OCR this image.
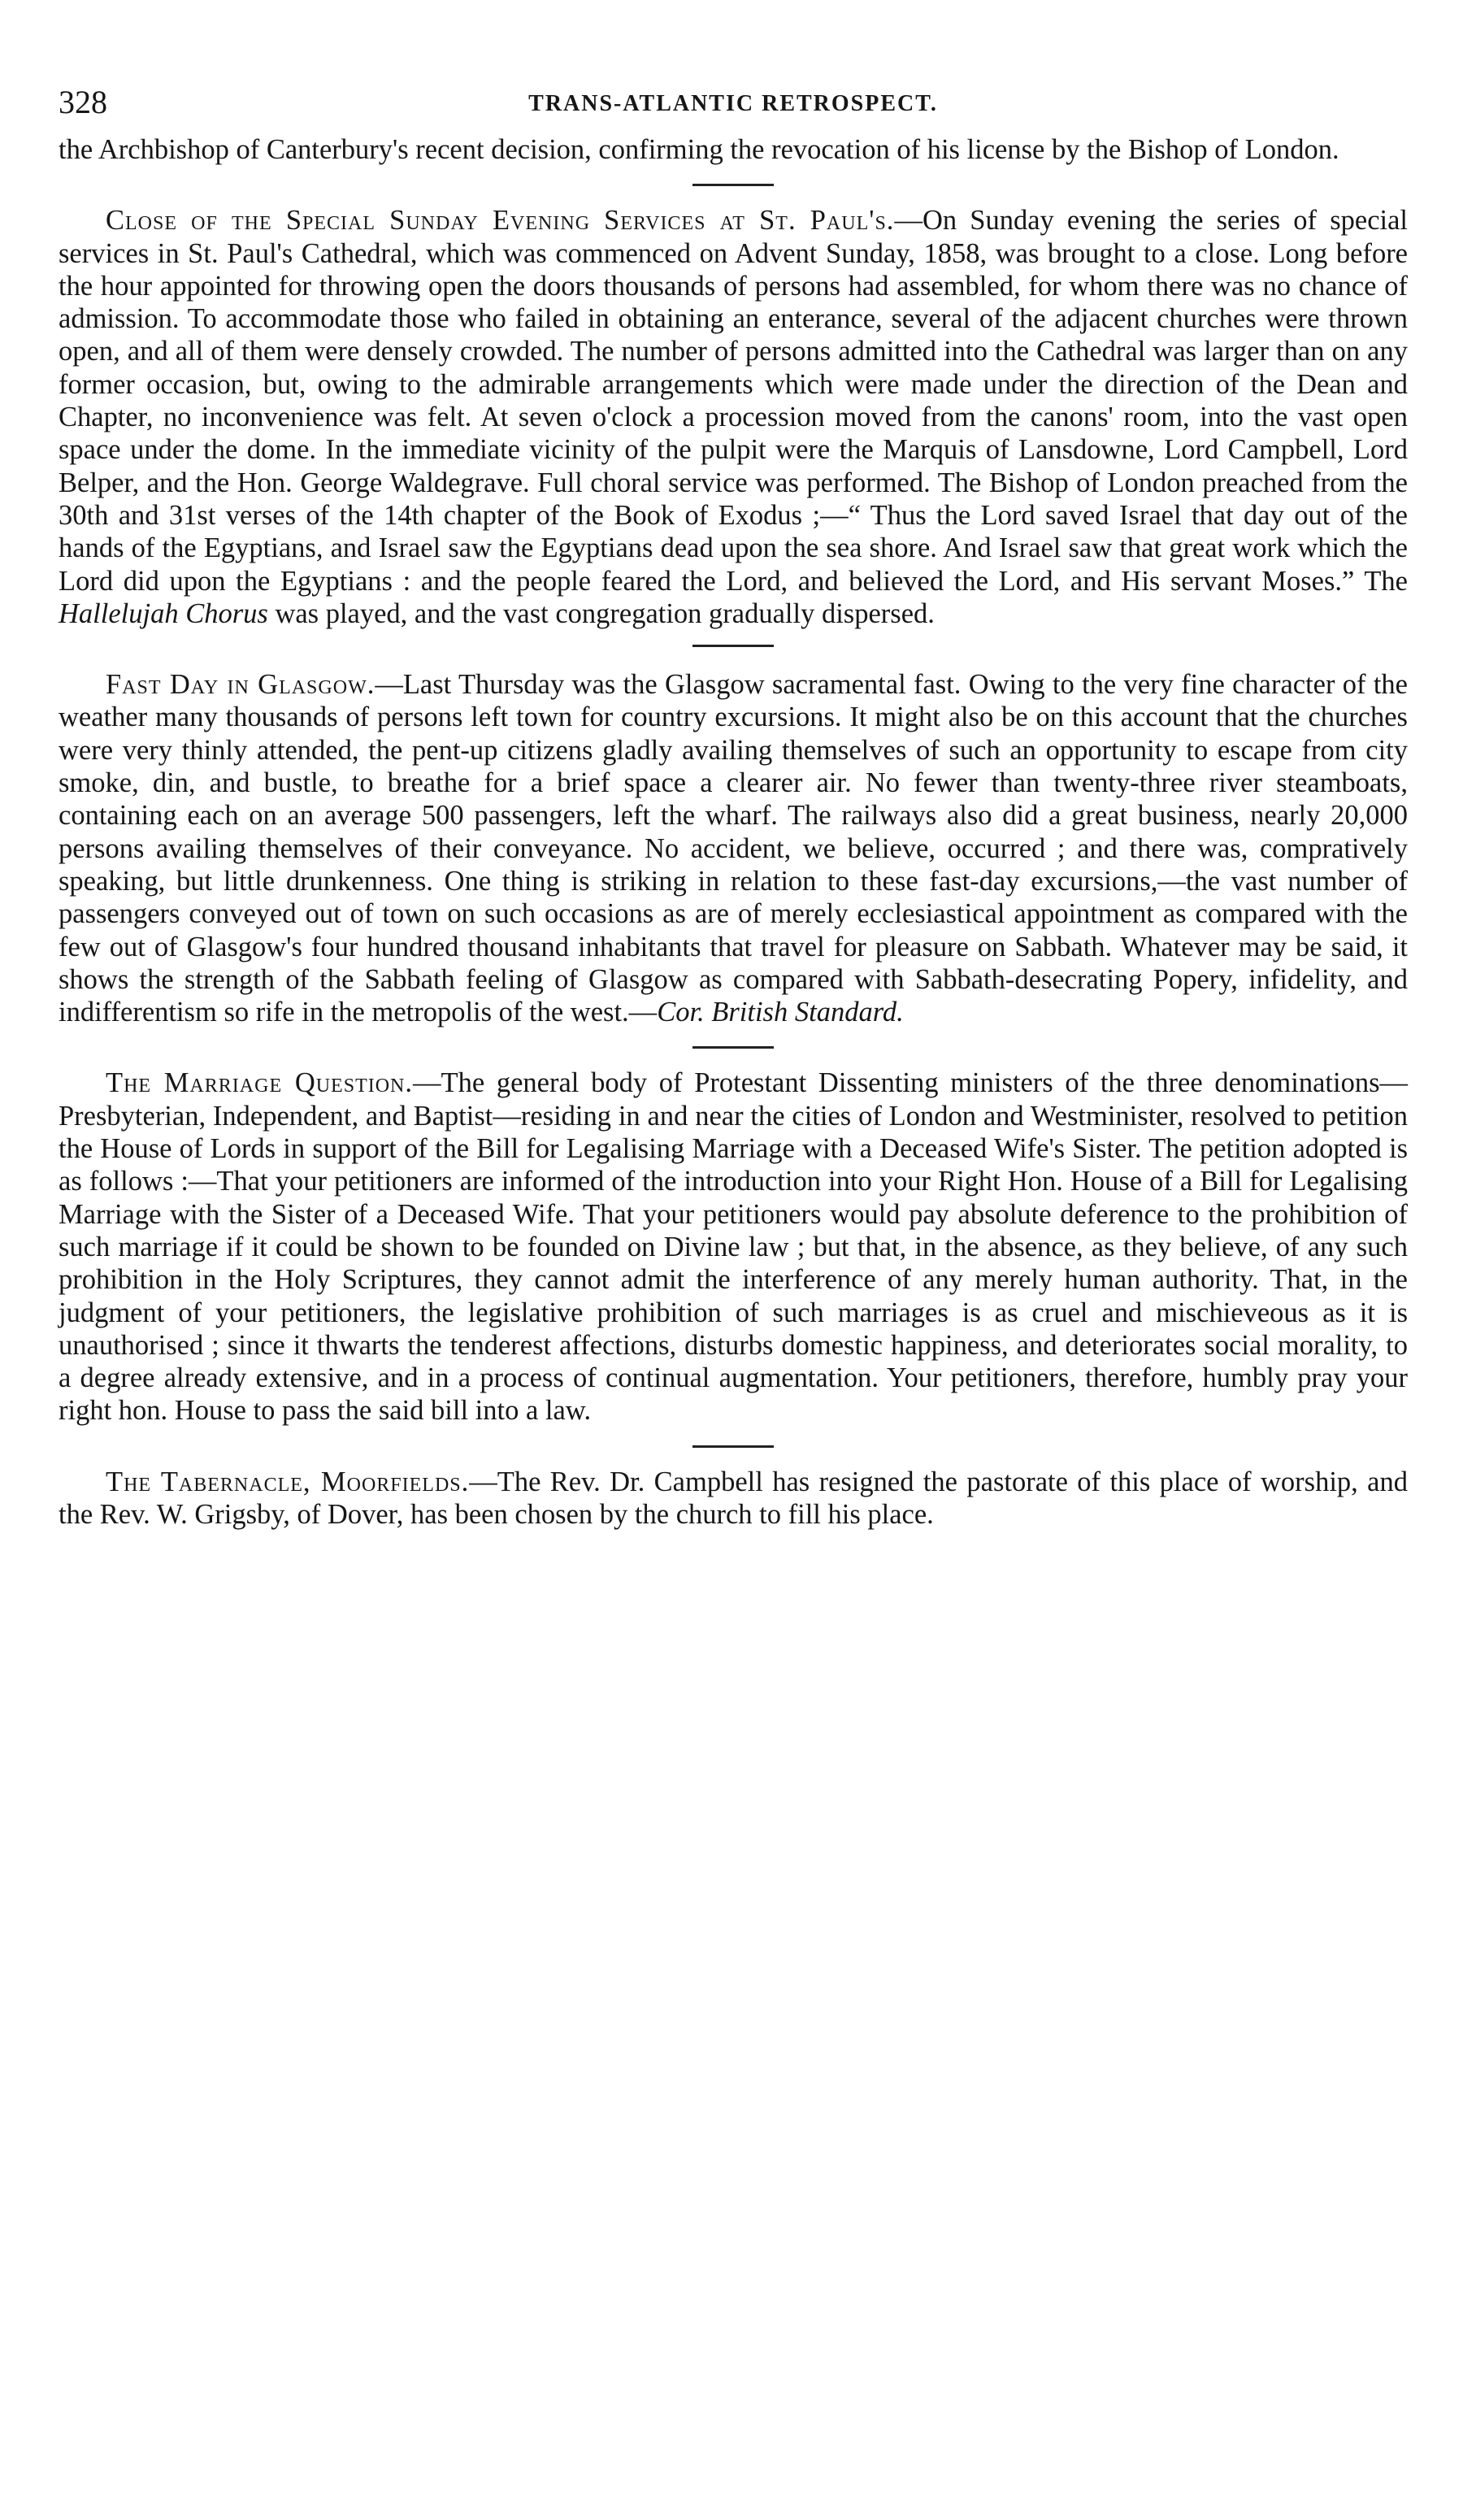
328	TRANS-ATLANTIC RETROSPECT.

the Archbishop of Canterbury's recent decision, confirming the revocation of his license by the Bishop of London.

Close of the Special Sunday Evening Services at St. Paul's.—On Sunday evening the series of special services in St. Paul's Cathedral, which was commenced on Advent Sunday, 1858, was brought to a close. Long before the hour appointed for throwing open the doors thousands of persons had assembled, for whom there was no chance of admission. To accommodate those who failed in obtaining an enterance, several of the adjacent churches were thrown open, and all of them were densely crowded. The number of persons admitted into the Cathedral was larger than on any former occasion, but, owing to the admirable arrangements which were made under the direction of the Dean and Chapter, no inconvenience was felt. At seven o'clock a procession moved from the canons' room, into the vast open space under the dome. In the immediate vicinity of the pulpit were the Marquis of Lansdowne, Lord Campbell, Lord Belper, and the Hon. George Waldegrave. Full choral service was performed. The Bishop of London preached from the 30th and 31st verses of the 14th chapter of the Book of Exodus ;—“ Thus the Lord saved Israel that day out of the hands of the Egyptians, and Israel saw the Egyptians dead upon the sea shore. And Israel saw that great work which the Lord did upon the Egyptians : and the people feared the Lord, and believed the Lord, and His servant Moses.” The Hallelujah Chorus was played, and the vast congregation gradually dispersed.

Fast Day in Glasgow.—Last Thursday was the Glasgow sacramental fast. Owing to the very fine character of the weather many thousands of persons left town for country excursions. It might also be on this account that the churches were very thinly attended, the pent-up citizens gladly availing themselves of such an opportunity to escape from city smoke, din, and bustle, to breathe for a brief space a clearer air. No fewer than twenty-three river steamboats, containing each on an average 500 passengers, left the wharf. The railways also did a great business, nearly 20,000 persons availing themselves of their conveyance. No accident, we believe, occurred ; and there was, compratively speaking, but little drunkenness. One thing is striking in relation to these fast-day excursions,—the vast number of passengers conveyed out of town on such occasions as are of merely ecclesiastical appointment as compared with the few out of Glasgow's four hundred thousand inhabitants that travel for pleasure on Sabbath. Whatever may be said, it shows the strength of the Sabbath feeling of Glasgow as compared with Sabbath-desecrating Popery, infidelity, and indifferentism so rife in the metropolis of the west.—Cor. British Standard.

The Marriage Question.—The general body of Protestant Dissenting ministers of the three denominations—Presbyterian, Independent, and Baptist—residing in and near the cities of London and Westminister, resolved to petition the House of Lords in support of the Bill for Legalising Marriage with a Deceased Wife's Sister. The petition adopted is as follows :—That your petitioners are informed of the introduction into your Right Hon. House of a Bill for Legalising Marriage with the Sister of a Deceased Wife. That your petitioners would pay absolute deference to the prohibition of such marriage if it could be shown to be founded on Divine law ; but that, in the absence, as they believe, of any such prohibition in the Holy Scriptures, they cannot admit the interference of any merely human authority. That, in the judgment of your petitioners, the legislative prohibition of such marriages is as cruel and mischieveous as it is unauthorised ; since it thwarts the tenderest affections, disturbs domestic happiness, and deteriorates social morality, to a degree already extensive, and in a process of continual augmentation. Your petitioners, therefore, humbly pray your right hon. House to pass the said bill into a law.

The Tabernacle, Moorfields.—The Rev. Dr. Campbell has resigned the pastorate of this place of worship, and the Rev. W. Grigsby, of Dover, has been chosen by the church to fill his place.
